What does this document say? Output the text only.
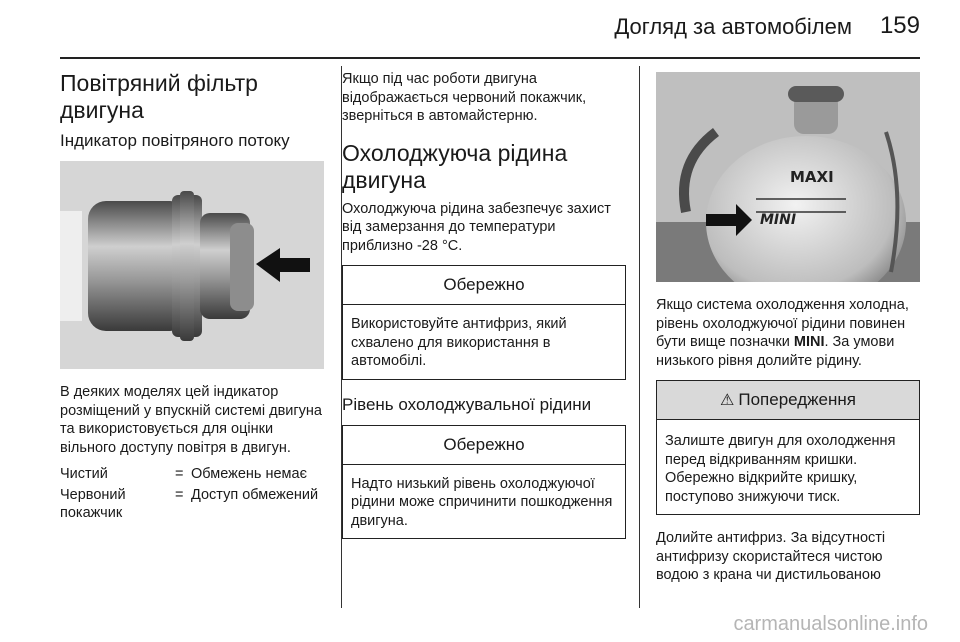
Догляд за автомобілем 159
Повітряний фільтр двигуна
Індикатор повітряного потоку

В деяких моделях цей індикатор розміщений у впускній системі двигуна та використовується для оцінки вільного доступу повітря в двигун.

Чистий	= Обмежень немає
Червоний покажчик
= Доступ обмежений

Якщо під час роботи двигуна відображається червоний покажчик, зверніться в автомайстерню.

Охолоджуюча рідина двигуна

Охолоджуюча рідина забезпечує захист від замерзання до температури приблизно -28 °C.

Обережно
Використовуйте антифриз, який схвалено для використання в автомобілі.
Рівень охолоджувальної рідини
Обережно
Надто низький рівень охолоджуючої рідини може спричинити пошкодження двигуна.
MAXI
MINI

Якщо система охолодження холодна, рівень охолоджуючої рідини повинен бути вище позначки MINI. За умови низького рівня долийте рідину.

⚠ Попередження
Залиште двигун для охолодження перед відкриванням кришки. Обережно відкрийте кришку, поступово знижуючи тиск.

Долийте антифриз. За відсутності антифризу скористайтеся чистою водою з крана чи дистильованою

carmanualsonline.info
